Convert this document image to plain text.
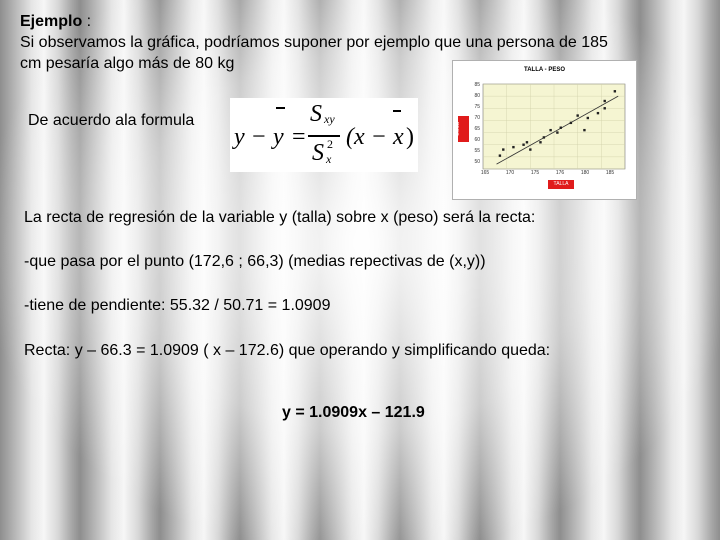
Ejemplo :
Si observamos la gráfica, podríamos suponer por ejemplo que una persona de 185
cm pesaría algo más de 80 kg
De acuerdo ala formula
y − y =
S xy
S x
2 (x − x )
TALLA - PESO
PESO
TALLA
85
80
75
70
65
60
55
50
165	170	175	176	180	185
La recta de regresión de la variable y (talla) sobre x (peso) será la recta:
-que pasa por el punto (172,6 ; 66,3) (medias repectivas de (x,y))
-tiene de pendiente: 55.32 / 50.71 = 1.0909
Recta: y – 66.3 = 1.0909 ( x – 172.6) que operando y simplificando queda:
y = 1.0909x – 121.9
